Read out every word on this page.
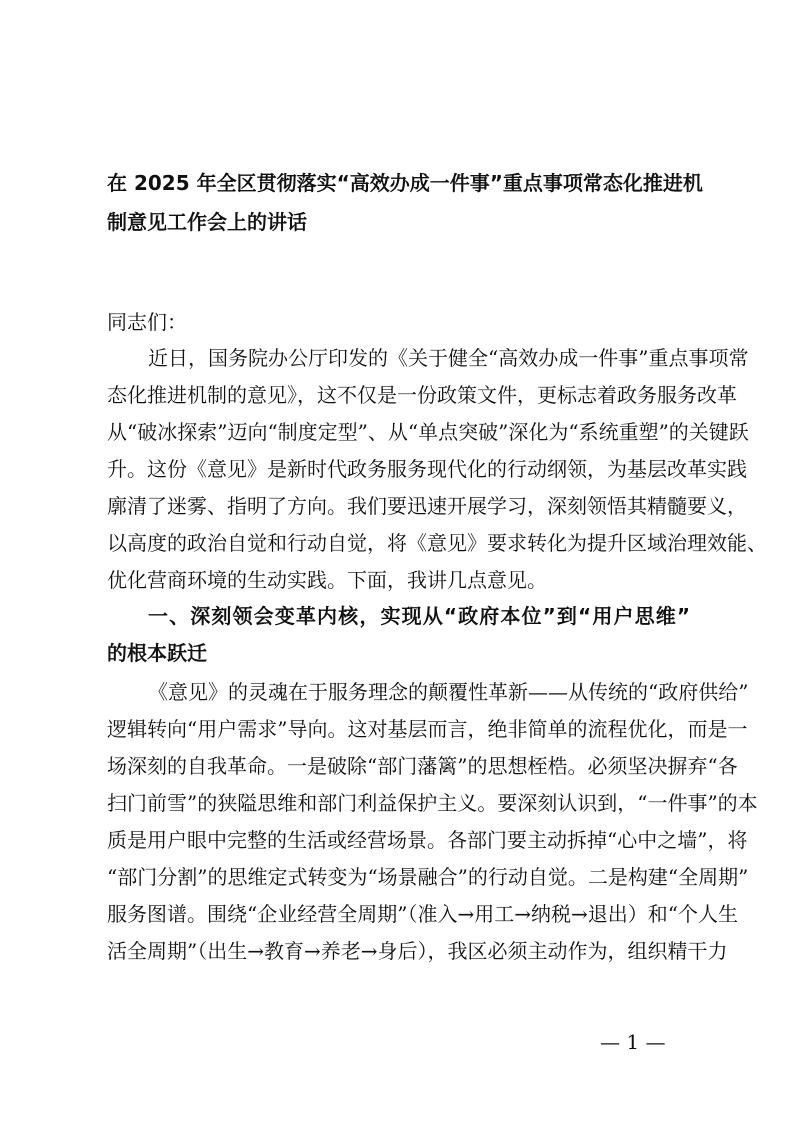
在 2025 年全区贯彻落实“高效办成一件事”重点事项常态化推进机
制意见工作会上的讲话
同志们：
近日，国务院办公厅印发的《关于健全“高效办成一件事”重点事项常
态化推进机制的意见》，这不仅是一份政策文件，更标志着政务服务改革
从“破冰探索”迈向“制度定型”、从“单点突破”深化为“系统重塑”的关键跃
升。这份《意见》是新时代政务服务现代化的行动纲领，为基层改革实践
廓清了迷雾、指明了方向。我们要迅速开展学习，深刻领悟其精髓要义，
以高度的政治自觉和行动自觉，将《意见》要求转化为提升区域治理效能、
优化营商环境的生动实践。下面，我讲几点意见。
一、深刻领会变革内核，实现从“政府本位”到“用户思维”
的根本跃迁
《意见》的灵魂在于服务理念的颠覆性革新——从传统的“政府供给”
逻辑转向“用户需求”导向。这对基层而言，绝非简单的流程优化，而是一
场深刻的自我革命。一是破除“部门藩篱”的思想桎梏。必须坚决摒弃“各
扫门前雪”的狭隘思维和部门利益保护主义。要深刻认识到，“一件事”的本
质是用户眼中完整的生活或经营场景。各部门要主动拆掉“心中之墙”，将
“部门分割”的思维定式转变为“场景融合”的行动自觉。二是构建“全周期”
服务图谱。围绕“企业经营全周期”（准入→用工→纳税→退出）和“个人生
活全周期”（出生→教育→养老→身后），我区必须主动作为，组织精干力
— 1 —
